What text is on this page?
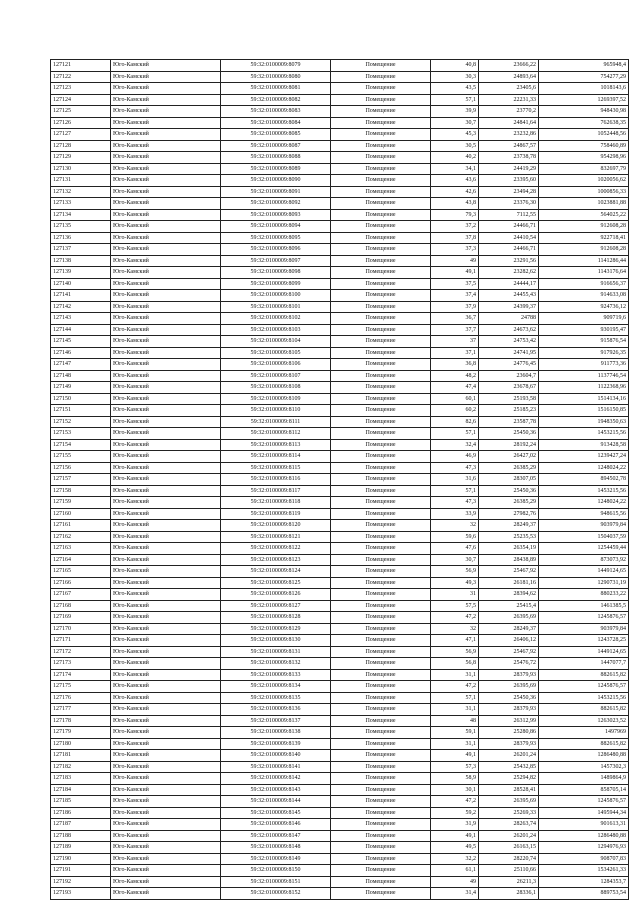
127121	Юго-Камский	59:32:0100009:8079	Помещение	40,8	23666,22	965948,4
127122	Юго-Камский	59:32:0100009:8080	Помещение	30,3	24893,64	754277,29
127123	Юго-Камский	59:32:0100009:8081	Помещение	43,5	23405,6	1018143,6
127124	Юго-Камский	59:32:0100009:8082	Помещение	57,1	22231,33	1269397,52
127125	Юго-Камский	59:32:0100009:8083	Помещение	39,9	23770,2	948430,98
127126	Юго-Камский	59:32:0100009:8084	Помещение	30,7	24841,64	762638,35
127127	Юго-Камский	59:32:0100009:8085	Помещение	45,3	23232,86	1052448,56
127128	Юго-Камский	59:32:0100009:8087	Помещение	30,5	24867,57	758460,89
127129	Юго-Камский	59:32:0100009:8088	Помещение	40,2	23738,78	954298,96
127130	Юго-Камский	59:32:0100009:8089	Помещение	34,1	24419,29	832697,79
127131	Юго-Камский	59:32:0100009:8090	Помещение	43,6	23395,60	1020056,62
127132	Юго-Камский	59:32:0100009:8091	Помещение	42,6	23494,28	1000856,33
127133	Юго-Камский	59:32:0100009:8092	Помещение	43,8	23376,30	1023881,88
127134	Юго-Камский	59:32:0100009:8093	Помещение	79,3	7112,55	564025,22
127135	Юго-Камский	59:32:0100009:8094	Помещение	37,2	24466,71	912608,28
127136	Юго-Камский	59:32:0100009:8095	Помещение	37,8	24410,54	922718,41
127137	Юго-Камский	59:32:0100009:8096	Помещение	37,3	24466,71	912608,28
127138	Юго-Камский	59:32:0100009:8097	Помещение	49	23291,56	1141286,44
127139	Юго-Камский	59:32:0100009:8098	Помещение	49,1	23282,62	1143176,64
127140	Юго-Камский	59:32:0100009:8099	Помещение	37,5	24444,17	916656,37
127141	Юго-Камский	59:32:0100009:8100	Помещение	37,4	24455,43	914633,08
127142	Юго-Камский	59:32:0100009:8101	Помещение	37,9	24399,37	924736,12
127143	Юго-Камский	59:32:0100009:8102	Помещение	36,7	24788	909719,6
127144	Юго-Камский	59:32:0100009:8103	Помещение	37,7	24673,62	930195,47
127145	Юго-Камский	59:32:0100009:8104	Помещение	37	24753,42	915876,54
127146	Юго-Камский	59:32:0100009:8105	Помещение	37,1	24741,95	917926,35
127147	Юго-Камский	59:32:0100009:8106	Помещение	36,8	24776,45	911773,36
127148	Юго-Камский	59:32:0100009:8107	Помещение	48,2	23604,7	1137746,54
127149	Юго-Камский	59:32:0100009:8108	Помещение	47,4	23678,67	1122368,96
127150	Юго-Камский	59:32:0100009:8109	Помещение	60,1	25193,58	1514134,16
127151	Юго-Камский	59:32:0100009:8110	Помещение	60,2	25185,23	1516150,85
127152	Юго-Камский	59:32:0100009:8111	Помещение	82,6	23587,78	1948350,63
127153	Юго-Камский	59:32:0100009:8112	Помещение	57,1	25450,36	1453215,56
127154	Юго-Камский	59:32:0100009:8113	Помещение	32,4	28192,24	913428,58
127155	Юго-Камский	59:32:0100009:8114	Помещение	46,9	26427,02	1239427,24
127156	Юго-Камский	59:32:0100009:8115	Помещение	47,3	26385,29	1248024,22
127157	Юго-Камский	59:32:0100009:8116	Помещение	31,6	28307,05	894502,78
127158	Юго-Камский	59:32:0100009:8117	Помещение	57,1	25450,36	1453215,56
127159	Юго-Камский	59:32:0100009:8118	Помещение	47,3	26385,29	1248024,22
127160	Юго-Камский	59:32:0100009:8119	Помещение	33,9	27982,76	948615,56
127161	Юго-Камский	59:32:0100009:8120	Помещение	32	28249,37	903979,84
127162	Юго-Камский	59:32:0100009:8121	Помещение	59,6	25235,53	1504037,59
127163	Юго-Камский	59:32:0100009:8122	Помещение	47,6	26354,19	1254459,44
127164	Юго-Камский	59:32:0100009:8123	Помещение	30,7	28438,89	873073,92
127165	Юго-Камский	59:32:0100009:8124	Помещение	56,9	25467,92	1449124,65
127166	Юго-Камский	59:32:0100009:8125	Помещение	49,3	26181,16	1290731,19
127167	Юго-Камский	59:32:0100009:8126	Помещение	31	28394,62	880233,22
127168	Юго-Камский	59:32:0100009:8127	Помещение	57,5	25415,4	1461385,5
127169	Юго-Камский	59:32:0100009:8128	Помещение	47,2	26395,69	1245876,57
127170	Юго-Камский	59:32:0100009:8129	Помещение	32	28249,37	903979,84
127171	Юго-Камский	59:32:0100009:8130	Помещение	47,1	26406,12	1243728,25
127172	Юго-Камский	59:32:0100009:8131	Помещение	56,9	25467,92	1449124,65
127173	Юго-Камский	59:32:0100009:8132	Помещение	56,8	25476,72	1447077,7
127174	Юго-Камский	59:32:0100009:8133	Помещение	31,1	28379,93	882615,82
127175	Юго-Камский	59:32:0100009:8134	Помещение	47,2	26395,69	1245876,57
127176	Юго-Камский	59:32:0100009:8135	Помещение	57,1	25450,36	1453215,56
127177	Юго-Камский	59:32:0100009:8136	Помещение	31,1	28379,93	882615,82
127178	Юго-Камский	59:32:0100009:8137	Помещение	48	26312,99	1263023,52
127179	Юго-Камский	59:32:0100009:8138	Помещение	59,1	25280,86	1497969
127180	Юго-Камский	59:32:0100009:8139	Помещение	31,1	28379,93	882615,82
127181	Юго-Камский	59:32:0100009:8140	Помещение	49,1	26201,24	1286480,88
127182	Юго-Камский	59:32:0100009:8141	Помещение	57,3	25432,85	1457302,3
127183	Юго-Камский	59:32:0100009:8142	Помещение	58,9	25294,82	1489864,9
127184	Юго-Камский	59:32:0100009:8143	Помещение	30,1	28528,41	858705,14
127185	Юго-Камский	59:32:0100009:8144	Помещение	47,2	26395,69	1245876,57
127186	Юго-Камский	59:32:0100009:8145	Помещение	59,2	25269,33	1495944,34
127187	Юго-Камский	59:32:0100009:8146	Помещение	31,9	28263,74	901613,31
127188	Юго-Камский	59:32:0100009:8147	Помещение	49,1	26201,24	1286480,88
127189	Юго-Камский	59:32:0100009:8148	Помещение	49,5	26163,15	1294976,93
127190	Юго-Камский	59:32:0100009:8149	Помещение	32,2	28220,74	908707,83
127191	Юго-Камский	59:32:0100009:8150	Помещение	61,1	25110,66	1534261,33
127192	Юго-Камский	59:32:0100009:8151	Помещение	49	26211,3	1284353,7
127193	Юго-Камский	59:32:0100009:8152	Помещение	31,4	28336,1	889753,54
